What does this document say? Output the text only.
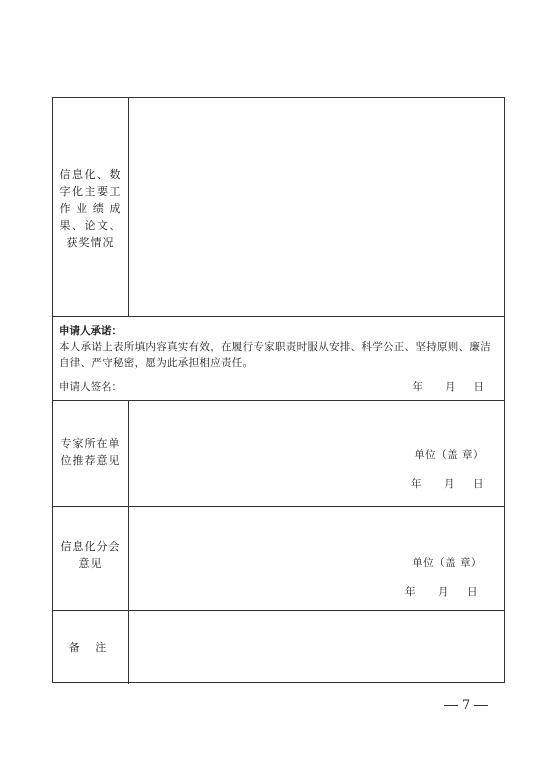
信息化、数字化主要工作业绩成果、论文、获奖情况
申请人承诺：
本人承诺上表所填内容真实有效，在履行专家职责时服从安排、科学公正、坚持原则、廉洁自律、严守秘密，愿为此承担相应责任。
申请人签名：	年 月 日
专家所在单位推荐意见	单位（盖 章）
年 月 日
信息化分会意见	单位（盖 章）
年 月 日
备 注
7
